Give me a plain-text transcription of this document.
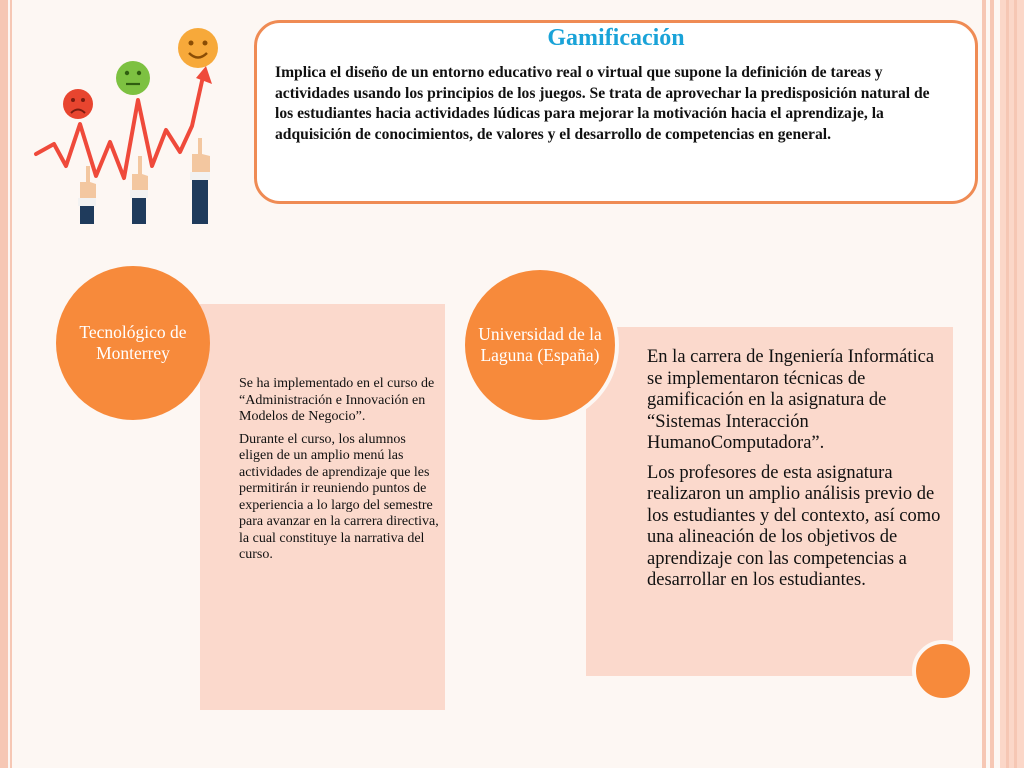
Gamificación

Implica el diseño de un entorno educativo real o virtual que supone la definición de tareas y actividades usando los principios de los juegos. Se trata de aprovechar la predisposición natural de los estudiantes hacia actividades lúdicas para mejorar la motivación hacia el aprendizaje, la adquisición de conocimientos, de valores y el desarrollo de competencias en general.

Tecnológico de Monterrey
Universidad de la Laguna (España)

Se ha implementado en el curso de “Administración e Innovación en Modelos de Negocio”.

Durante el curso, los alumnos eligen de un amplio menú las actividades de aprendizaje que les permitirán ir reuniendo puntos de experiencia a lo largo del semestre para avanzar en la carrera directiva, la cual constituye la narrativa del curso.

En la carrera de Ingeniería Informática se implementaron técnicas de gamificación en la asignatura de “Sistemas Interacción HumanoComputadora”.

Los profesores de esta asignatura realizaron un amplio análisis previo de los estudiantes y del contexto, así como una alineación de los objetivos de aprendizaje con las competencias a desarrollar en los estudiantes.
